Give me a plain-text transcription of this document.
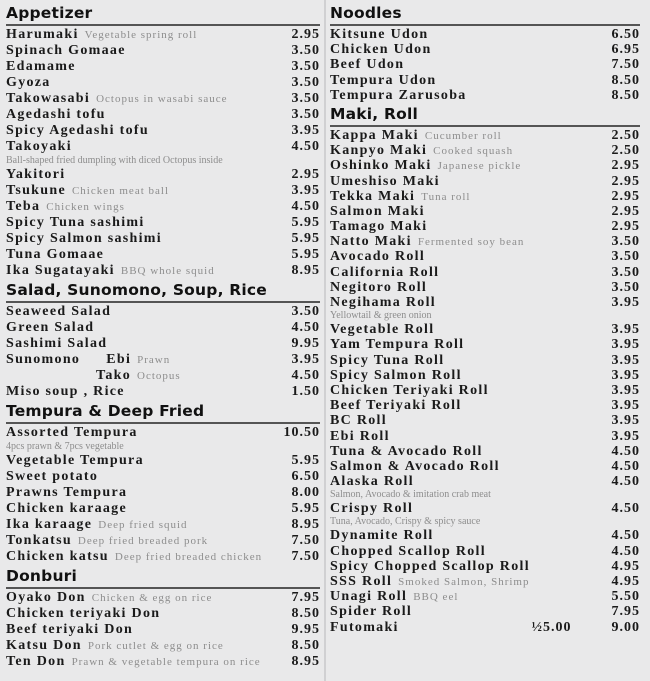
Appetizer
Harumaki Vegetable spring roll	2.95
Spinach Gomaae	3.50
Edamame	3.50
Gyoza	3.50
Takowasabi Octopus in wasabi sauce	3.50
Agedashi tofu	3.50
Spicy Agedashi tofu	3.95
Takoyaki	4.50
Ball-shaped fried dumpling with diced Octopus inside
Yakitori	2.95
Tsukune Chicken meat ball	3.95
Teba Chicken wings	4.50
Spicy Tuna sashimi	5.95
Spicy Salmon sashimi	5.95
Tuna Gomaae	5.95
Ika Sugatayaki BBQ whole squid	8.95
Salad, Sunomono, Soup, Rice
Seaweed Salad	3.50
Green Salad	4.50
Sashimi Salad	9.95
Sunomono Ebi Prawn	3.95
Tako Octopus	4.50
Miso soup , Rice	1.50
Tempura & Deep Fried
Assorted Tempura	10.50
4pcs prawn & 7pcs vegetable
Vegetable Tempura	5.95
Sweet potato	6.50
Prawns Tempura	8.00
Chicken karaage	5.95
Ika karaage Deep fried squid	8.95
Tonkatsu Deep fried breaded pork	7.50
Chicken katsu Deep fried breaded chicken 7.50
Donburi
Oyako Don Chicken & egg on rice	7.95
Chicken teriyaki Don	8.50
Beef teriyaki Don	9.95
Katsu Don Pork cutlet & egg on rice	8.50
Ten Don Prawn & vegetable tempura on rice 8.95
Noodles
Kitsune Udon	6.50
Chicken Udon	6.95
Beef Udon	7.50
Tempura Udon	8.50
Tempura Zarusoba	8.50
Maki, Roll
Kappa Maki Cucumber roll	2.50
Kanpyo Maki Cooked squash	2.50
Oshinko Maki Japanese pickle	2.95
Umeshiso Maki	2.95
Tekka Maki Tuna roll	2.95
Salmon Maki	2.95
Tamago Maki	2.95
Natto Maki Fermented soy bean	3.50
Avocado Roll	3.50
California Roll	3.50
Negitoro Roll	3.50
Negihama Roll	3.95
Yellowtail & green onion
Vegetable Roll	3.95
Yam Tempura Roll	3.95
Spicy Tuna Roll	3.95
Spicy Salmon Roll	3.95
Chicken Teriyaki Roll	3.95
Beef Teriyaki Roll	3.95
BC Roll	3.95
Ebi Roll	3.95
Tuna & Avocado Roll	4.50
Salmon & Avocado Roll	4.50
Alaska Roll	4.50
Salmon, Avocado & imitation crab meat
Crispy Roll	4.50
Tuna, Avocado, Crispy & spicy sauce
Dynamite Roll	4.50
Chopped Scallop Roll	4.50
Spicy Chopped Scallop Roll	4.95
SSS Roll Smoked Salmon, Shrimp	4.95
Unagi Roll BBQ eel	5.50
Spider Roll	7.95
Futomaki	½5.00	9.00
